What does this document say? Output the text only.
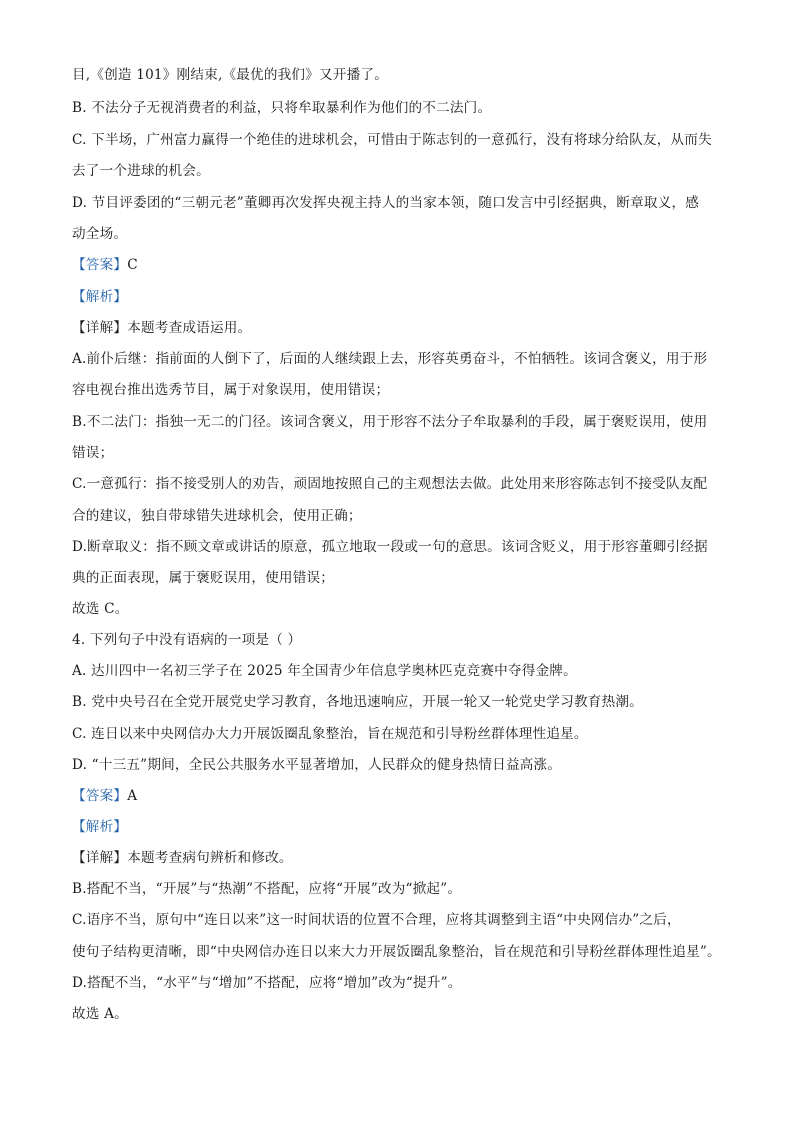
目,《创造 101》刚结束,《最优的我们》又开播了。
B. 不法分子无视消费者的利益，只将牟取暴利作为他们的不二法门。
C. 下半场，广州富力赢得一个绝佳的进球机会，可惜由于陈志钊的一意孤行，没有将球分给队友，从而失
去了一个进球的机会。
D. 节目评委团的“三朝元老”董卿再次发挥央视主持人的当家本领，随口发言中引经据典，断章取义，感
动全场。
【答案】C
【解析】
【详解】本题考查成语运用。
A.前仆后继：指前面的人倒下了，后面的人继续跟上去，形容英勇奋斗，不怕牺牲。该词含褒义，用于形
容电视台推出选秀节目，属于对象误用，使用错误；
B.不二法门：指独一无二的门径。该词含褒义，用于形容不法分子牟取暴利的手段，属于褒贬误用，使用
错误；
C.一意孤行：指不接受别人的劝告，顽固地按照自己的主观想法去做。此处用来形容陈志钊不接受队友配
合的建议，独自带球错失进球机会，使用正确；
D.断章取义：指不顾文章或讲话的原意，孤立地取一段或一句的意思。该词含贬义，用于形容董卿引经据
典的正面表现，属于褒贬误用，使用错误；
故选 C。
4. 下列句子中没有语病的一项是（ ）
A. 达川四中一名初三学子在 2025 年全国青少年信息学奥林匹克竞赛中夺得金牌。
B. 党中央号召在全党开展党史学习教育，各地迅速响应，开展一轮又一轮党史学习教育热潮。
C. 连日以来中央网信办大力开展饭圈乱象整治，旨在规范和引导粉丝群体理性追星。
D. “十三五”期间，全民公共服务水平显著增加，人民群众的健身热情日益高涨。
【答案】A
【解析】
【详解】本题考查病句辨析和修改。
B.搭配不当，“开展”与“热潮”不搭配，应将“开展”改为“掀起”。
C.语序不当，原句中“连日以来”这一时间状语的位置不合理，应将其调整到主语“中央网信办”之后，
使句子结构更清晰，即“中央网信办连日以来大力开展饭圈乱象整治，旨在规范和引导粉丝群体理性追星”。
D.搭配不当，“水平”与“增加”不搭配，应将“增加”改为“提升”。
故选 A。
